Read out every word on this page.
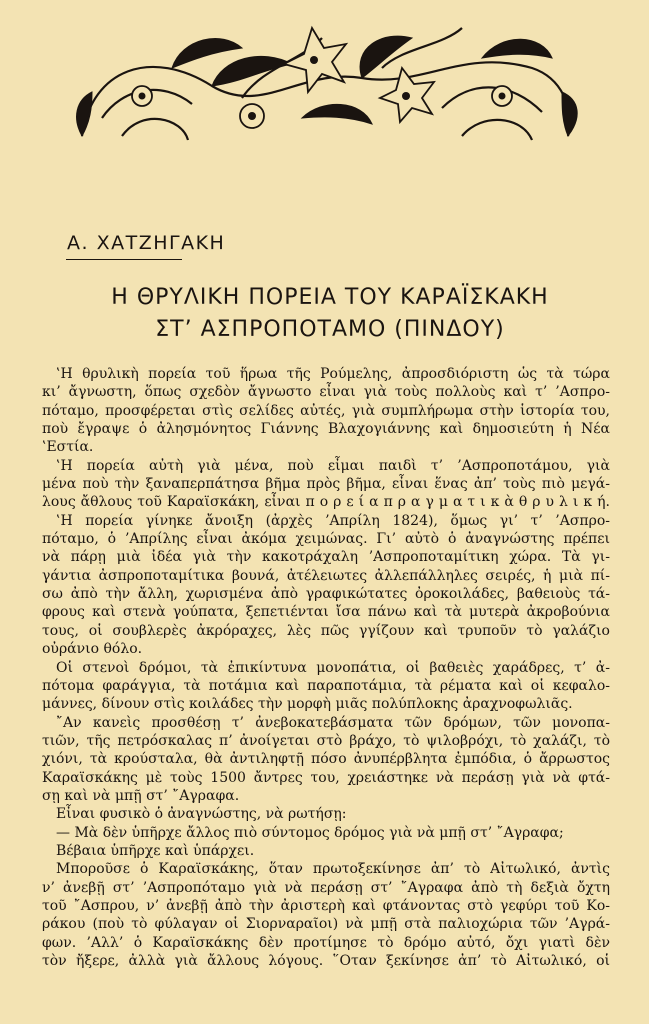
Α. ΧΑΤΖΗΓΑΚΗ
Η ΘΡΥΛΙΚΗ ΠΟΡΕΙΑ ΤΟΥ ΚΑΡΑΪΣΚΑΚΗ
ΣΤ’ ΑΣΠΡΟΠΟΤΑΜΟ (ΠΙΝΔΟΥ)
‛Η θρυλικὴ πορεία τοῦ ἥρωα τῆς Ρούμελης, ἀπροσδιόριστη ὡς τὰ τώρα
κι’ ἄγνωστη, ὅπως σχεδὸν ἄγνωστο εἶναι γιὰ τοὺς πολλοὺς καὶ τ’ ’Ασπρο-
πόταμο, προσφέρεται στὶς σελίδες αὐτές, γιὰ συμπλήρωμα στὴν ἱστορία του,
ποὺ ἔγραψε ὁ ἀλησμόνητος Γιάννης Βλαχογιάννης καὶ δημοσιεύτη ἡ Νέα
‛Εστία.
‛Η πορεία αὐτὴ γιὰ μένα, ποὺ εἶμαι παιδὶ τ’ ’Ασπροποτάμου, γιὰ
μένα ποὺ τὴν ξαναπερπάτησα βῆμα πρὸς βῆμα, εἶναι ἕνας ἀπ’ τοὺς πιὸ μεγά-
λους ἄθλους τοῦ Καραϊσκάκη, εἶναι π ο ρ ε ί α π ρ α γ μ α τ ι κ ὰ θ ρ υ λ ι κ ή.
‛Η πορεία γίνηκε ἄνοιξη (ἀρχὲς ’Απρίλη 1824), ὅμως γι’ τ’ ’Ασπρο-
πόταμο, ὁ ’Απρίλης εἶναι ἀκόμα χειμώνας. Γι’ αὐτὸ ὁ ἀναγνώστης πρέπει
νὰ πάρῃ μιὰ ἰδέα γιὰ τὴν κακοτράχαλη ’Ασπροποταμίτικη χώρα. Τὰ γι-
γάντια ἀσπροποταμίτικα βουνά, ἀτέλειωτες ἀλλεπάλληλες σειρές, ἡ μιὰ πί-
σω ἀπὸ τὴν ἄλλη, χωρισμένα ἀπὸ γραφικώτατες ὀροκοιλάδες, βαθειοὺς τά-
φρους καὶ στενὰ γούπατα, ξεπετιένται ἴσα πάνω καὶ τὰ μυτερὰ ἀκροβούνια
τους, οἱ σουβλερὲς ἀκρόραχες, λὲς πῶς γγίζουν καὶ τρυποῦν τὸ γαλάζιο
οὐράνιο θόλο.
Οἱ στενοὶ δρόμοι, τὰ ἐπικίντυνα μονοπάτια, οἱ βαθειὲς χαράδρες, τ’ ἀ-
πότομα φαράγγια, τὰ ποτάμια καὶ παραποτάμια, τὰ ρέματα καὶ οἱ κεφαλο-
μάννες, δίνουν στὶς κοιλάδες τὴν μορφὴ μιᾶς πολύπλοκης ἀραχνοφωλιᾶς.
῎Αν κανεὶς προσθέσῃ τ’ ἀνεβοκατεβάσματα τῶν δρόμων, τῶν μονοπα-
τιῶν, τῆς πετρόσκαλας π’ ἀνοίγεται στὸ βράχο, τὸ ψιλοβρόχι, τὸ χαλάζι, τὸ
χιόνι, τὰ κρούσταλα, θὰ ἀντιληφτῇ πόσο ἀνυπέρβλητα ἐμπόδια, ὁ ἄρρωστος
Καραϊσκάκης μὲ τοὺς 1500 ἄντρες του, χρειάστηκε νὰ περάσῃ γιὰ νὰ φτά-
σῃ καὶ νὰ μπῇ στ’ ῎Αγραφα.
Εἶναι φυσικὸ ὁ ἀναγνώστης, νὰ ρωτήσῃ:
— Μὰ δὲν ὑπῆρχε ἄλλος πιὸ σύντομος δρόμος γιὰ νὰ μπῇ στ’ ῎Αγραφα;
Βέβαια ὑπῆρχε καὶ ὑπάρχει.
Μποροῦσε ὁ Καραϊσκάκης, ὅταν πρωτοξεκίνησε ἀπ’ τὸ Αἰτωλικό, ἀντὶς
ν’ ἀνεβῇ στ’ ’Ασπροπόταμο γιὰ νὰ περάσῃ στ’ ῎Αγραφα ἀπὸ τὴ δεξιὰ ὄχτη
τοῦ ῎Ασπρου, ν’ ἀνεβῇ ἀπὸ τὴν ἀριστερὴ καὶ φτάνοντας στὸ γεφύρι τοῦ Κο-
ράκου (ποὺ τὸ φύλαγαν οἱ Σιορναραῖοι) νὰ μπῇ στὰ παλιοχώρια τῶν ’Αγρά-
φων. ’Αλλ’ ὁ Καραϊσκάκης δὲν προτίμησε τὸ δρόμο αὐτό, ὄχι γιατὶ δὲν
τὸν ἤξερε, ἀλλὰ γιὰ ἄλλους λόγους. ῞Οταν ξεκίνησε ἀπ’ τὸ Αἰτωλικό, οἱ
